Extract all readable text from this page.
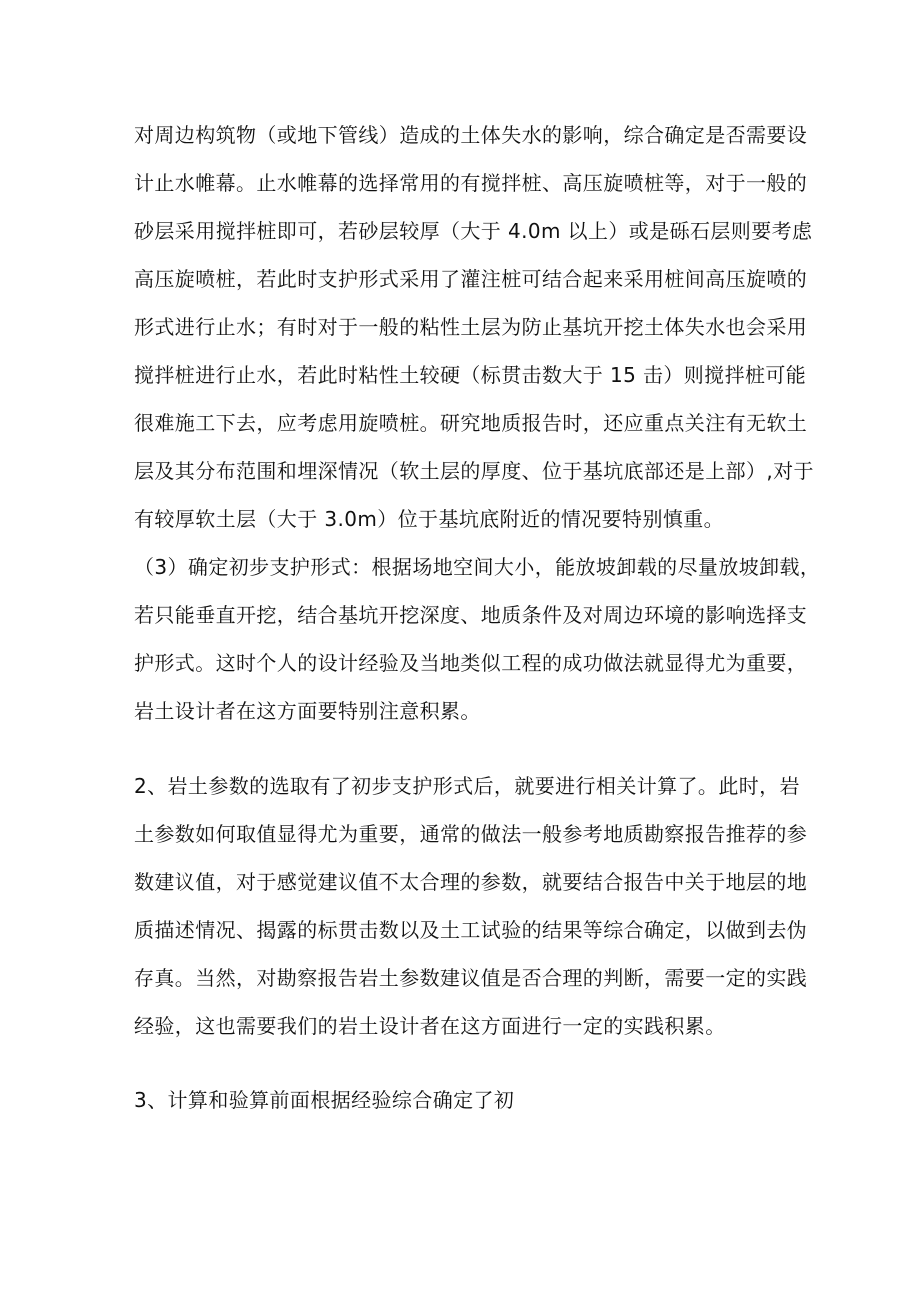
对周边构筑物（或地下管线）造成的土体失水的影响，综合确定是否需要设
计止水帷幕。止水帷幕的选择常用的有搅拌桩、高压旋喷桩等，对于一般的
砂层采用搅拌桩即可，若砂层较厚（大于 4.0m 以上）或是砾石层则要考虑
高压旋喷桩，若此时支护形式采用了灌注桩可结合起来采用桩间高压旋喷的
形式进行止水；有时对于一般的粘性土层为防止基坑开挖土体失水也会采用
搅拌桩进行止水，若此时粘性土较硬（标贯击数大于 15 击）则搅拌桩可能
很难施工下去，应考虑用旋喷桩。研究地质报告时，还应重点关注有无软土
层及其分布范围和埋深情况（软土层的厚度、位于基坑底部还是上部）,对于
有较厚软土层（大于 3.0m）位于基坑底附近的情况要特别慎重。
（3）确定初步支护形式：根据场地空间大小，能放坡卸载的尽量放坡卸载，
若只能垂直开挖，结合基坑开挖深度、地质条件及对周边环境的影响选择支
护形式。这时个人的设计经验及当地类似工程的成功做法就显得尤为重要，
岩土设计者在这方面要特别注意积累。
2、岩土参数的选取有了初步支护形式后，就要进行相关计算了。此时，岩
土参数如何取值显得尤为重要，通常的做法一般参考地质勘察报告推荐的参
数建议值，对于感觉建议值不太合理的参数，就要结合报告中关于地层的地
质描述情况、揭露的标贯击数以及土工试验的结果等综合确定，以做到去伪
存真。当然，对勘察报告岩土参数建议值是否合理的判断，需要一定的实践
经验，这也需要我们的岩土设计者在这方面进行一定的实践积累。
3、计算和验算前面根据经验综合确定了初
